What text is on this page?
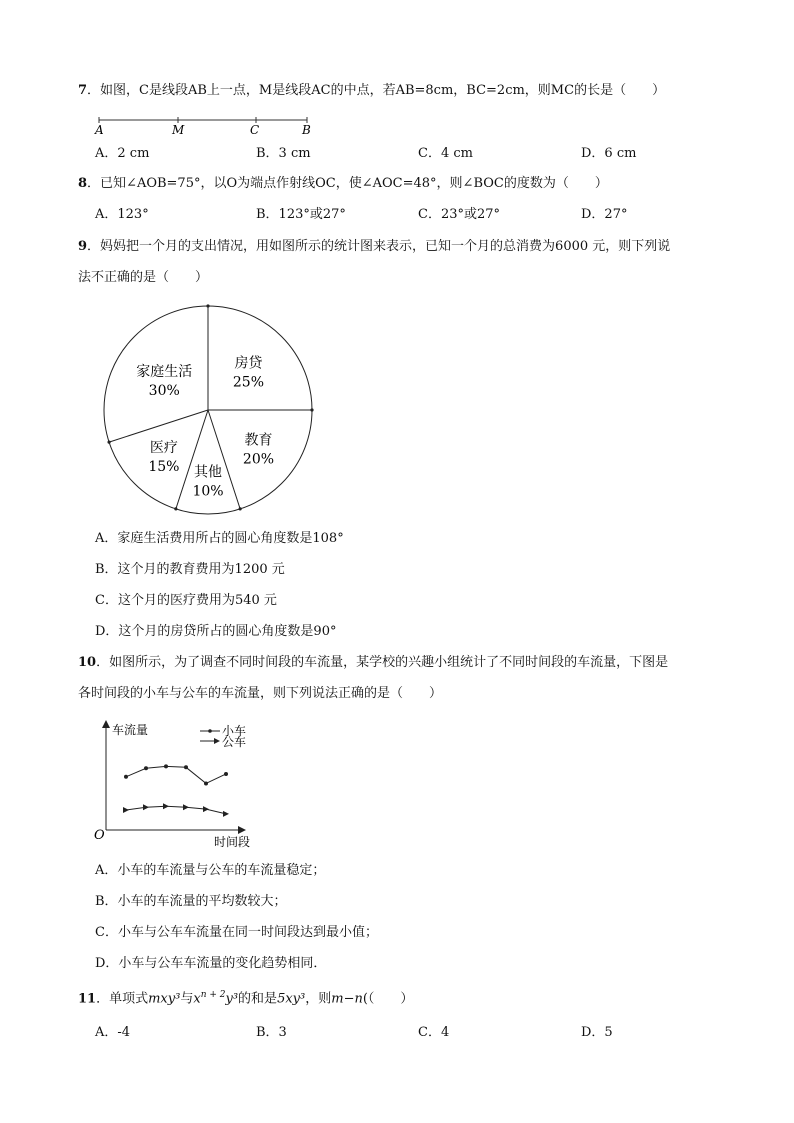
7．如图，C是线段AB上一点，M是线段AC的中点，若AB=8cm，BC=2cm，则MC的长是（　　）
A	M	C	B
A．2 cm	B．3 cm	C．4 cm	D．6 cm
8．已知∠AOB=75°，以O为端点作射线OC，使∠AOC=48°，则∠BOC的度数为（　　）
A．123°	B．123°或27°	C．23°或27°	D．27°
9．妈妈把一个月的支出情况，用如图所示的统计图来表示，已知一个月的总消费为6000 元，则下列说
法不正确的是（　　）
家庭生活
30%
房贷
25%
教育
20%
其他
10%
医疗
15%
A．家庭生活费用所占的圆心角度数是108°
B．这个月的教育费用为1200 元
C．这个月的医疗费用为540 元
D．这个月的房贷所占的圆心角度数是90°
10．如图所示，为了调查不同时间段的车流量，某学校的兴趣小组统计了不同时间段的车流量，下图是
各时间段的小车与公车的车流量，则下列说法正确的是（　　）
车流量
时间段
O
小车
公车
A．小车的车流量与公车的车流量稳定；
B．小车的车流量的平均数较大；
C．小车与公车车流量在同一时间段达到最小值；
D．小车与公车车流量的变化趋势相同．
11．单项式mxy³与$x^{n + 2}y^3$的和是5xy³，则m−n(（　　）
A．-4	B．3	C．4	D．5
